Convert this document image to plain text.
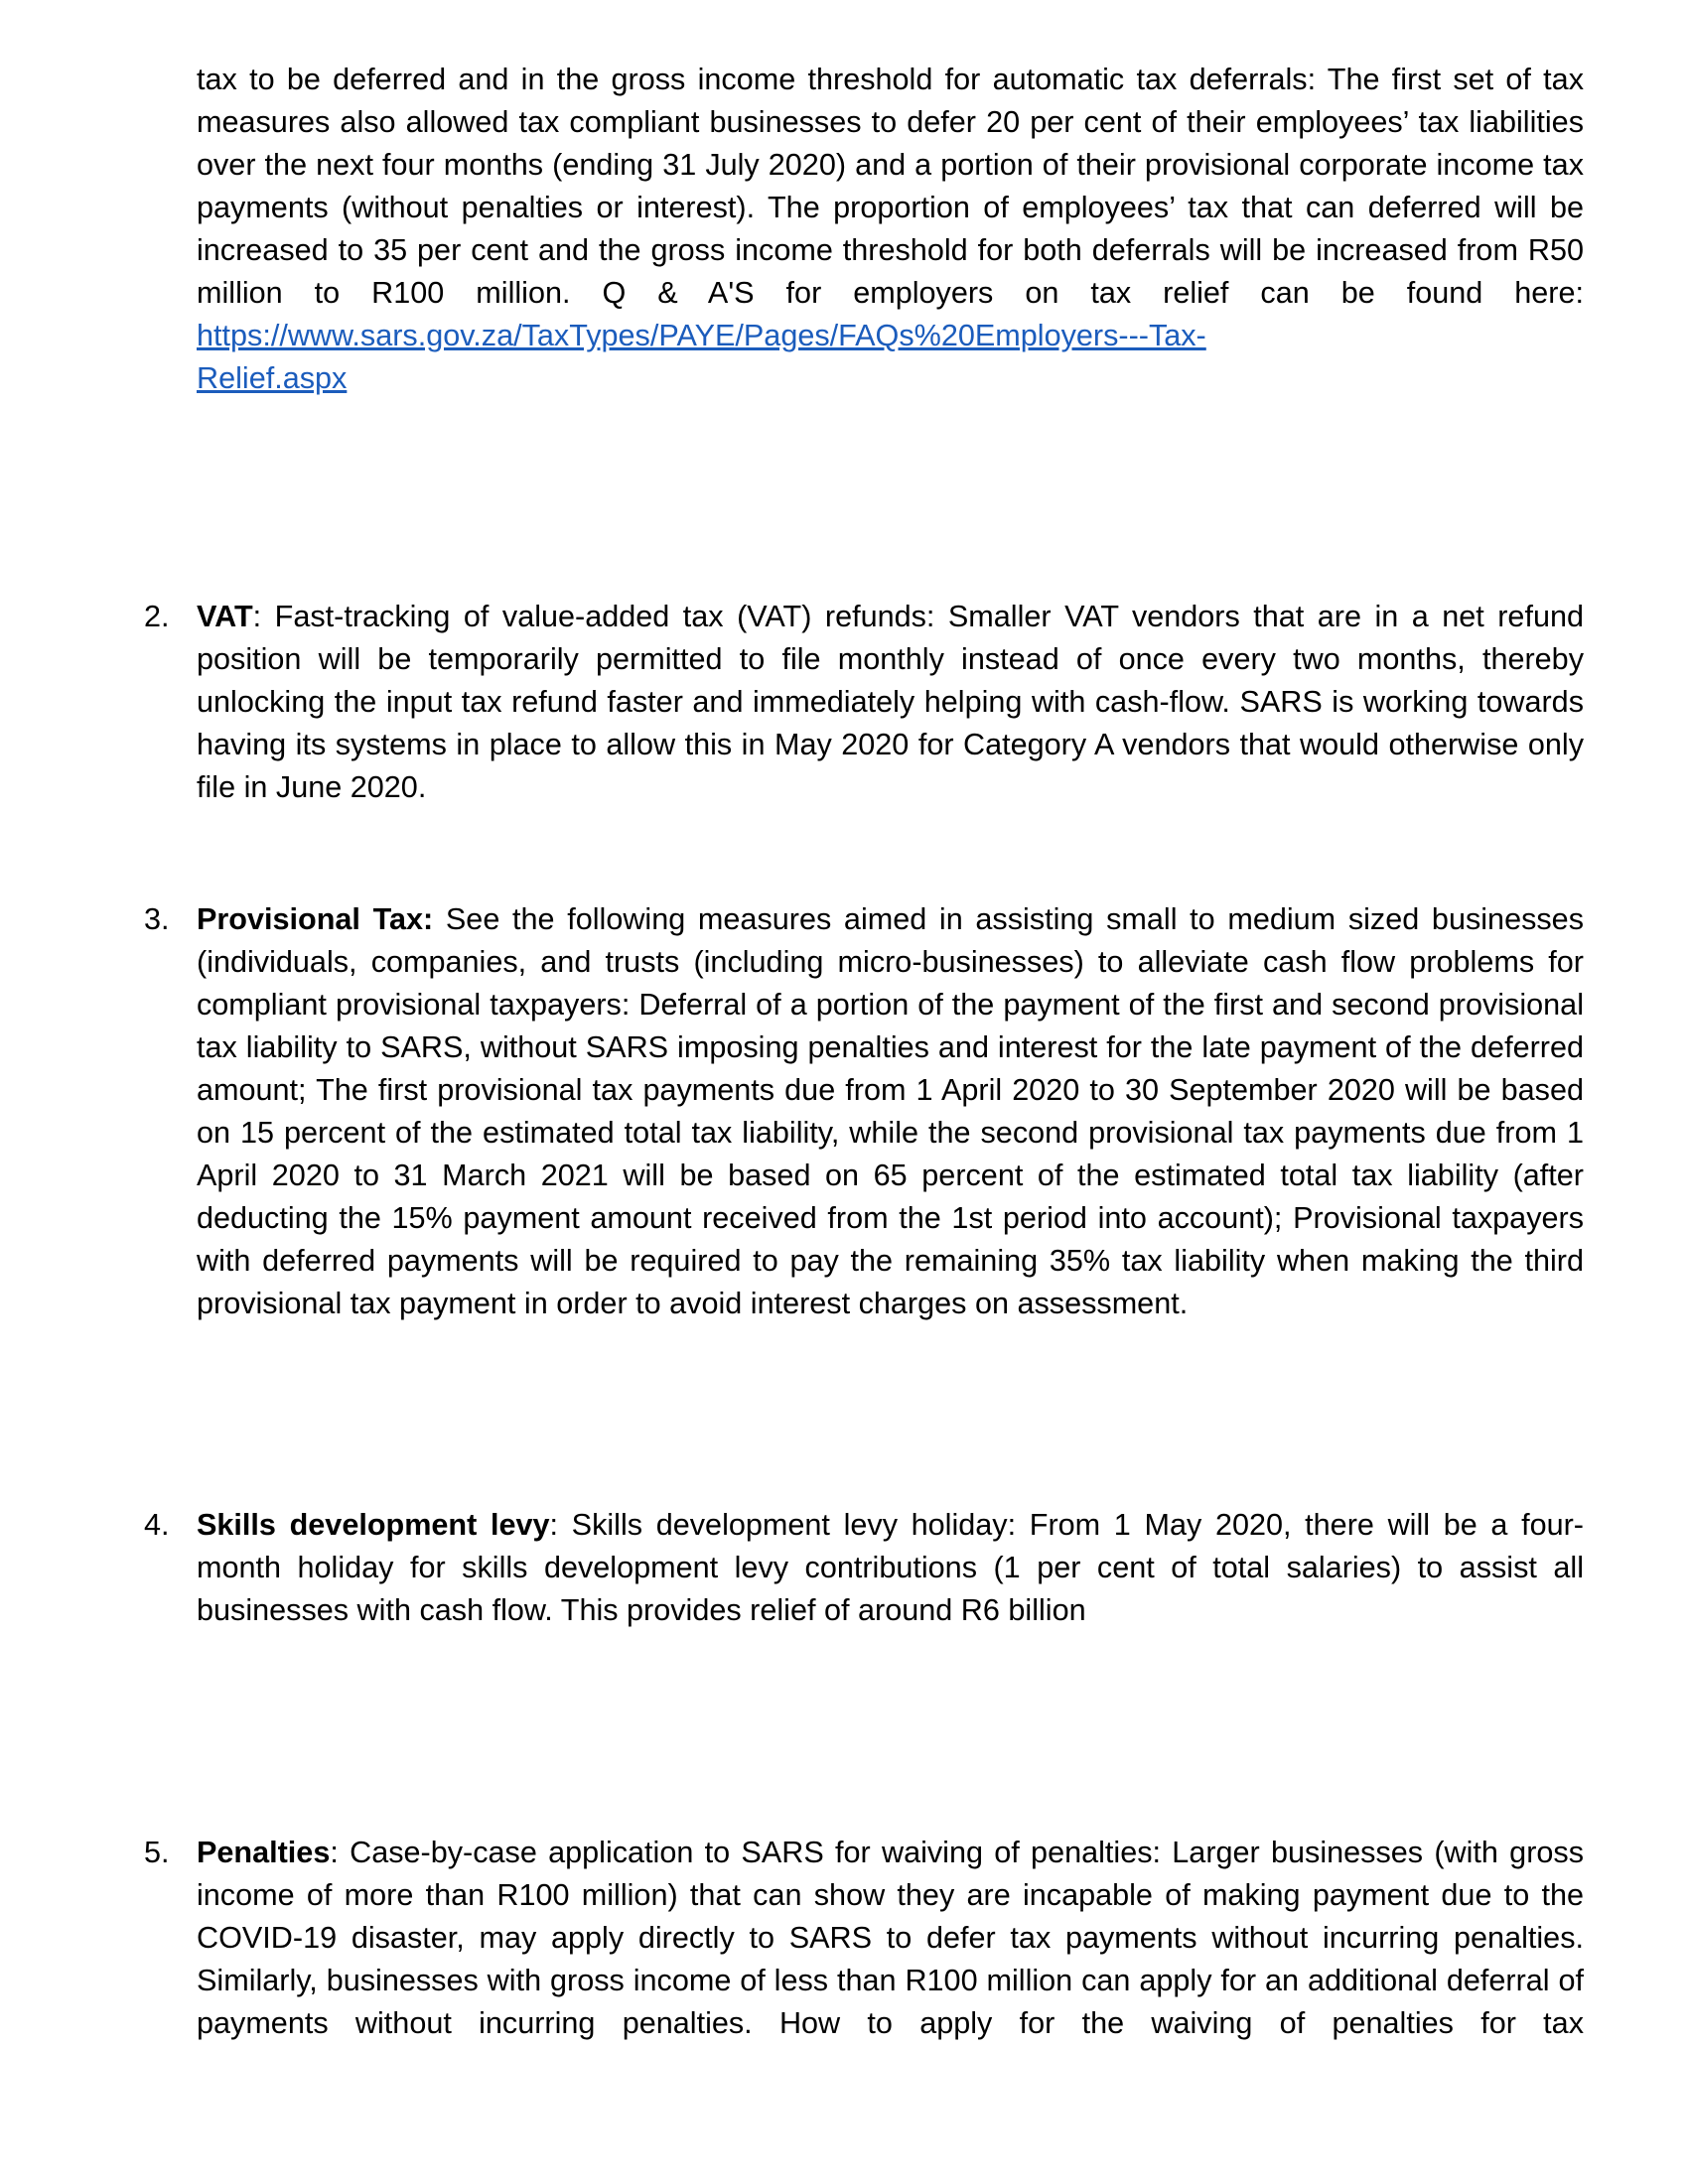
tax to be deferred and in the gross income threshold for automatic tax deferrals: The first set of tax measures also allowed tax compliant businesses to defer 20 per cent of their employees’ tax liabilities over the next four months (ending 31 July 2020) and a portion of their provisional corporate income tax payments (without penalties or interest). The proportion of employees’ tax that can deferred will be increased to 35 per cent and the gross income threshold for both deferrals will be increased from R50 million to R100 million. Q & A'S for employers on tax relief can be found here: https://www.sars.gov.za/TaxTypes/PAYE/Pages/FAQs%20Employers---Tax-
Relief.aspx
2. VAT: Fast-tracking of value-added tax (VAT) refunds: Smaller VAT vendors that are in a net refund position will be temporarily permitted to file monthly instead of once every two months, thereby unlocking the input tax refund faster and immediately helping with cash-flow. SARS is working towards having its systems in place to allow this in May 2020 for Category A vendors that would otherwise only file in June 2020.
3. Provisional Tax: See the following measures aimed in assisting small to medium sized businesses (individuals, companies, and trusts (including micro-businesses) to alleviate cash flow problems for compliant provisional taxpayers: Deferral of a portion of the payment of the first and second provisional tax liability to SARS, without SARS imposing penalties and interest for the late payment of the deferred amount; The first provisional tax payments due from 1 April 2020 to 30 September 2020 will be based on 15 percent of the estimated total tax liability, while the second provisional tax payments due from 1 April 2020 to 31 March 2021 will be based on 65 percent of the estimated total tax liability (after deducting the 15% payment amount received from the 1st period into account); Provisional taxpayers with deferred payments will be required to pay the remaining 35% tax liability when making the third provisional tax payment in order to avoid interest charges on assessment.
4. Skills development levy: Skills development levy holiday: From 1 May 2020, there will be a four-month holiday for skills development levy contributions (1 per cent of total salaries) to assist all businesses with cash flow. This provides relief of around R6 billion
5. Penalties: Case-by-case application to SARS for waiving of penalties: Larger businesses (with gross income of more than R100 million) that can show they are incapable of making payment due to the COVID-19 disaster, may apply directly to SARS to defer tax payments without incurring penalties. Similarly, businesses with gross income of less than R100 million can apply for an additional deferral of payments without incurring penalties. How to apply for the waiving of penalties for tax
